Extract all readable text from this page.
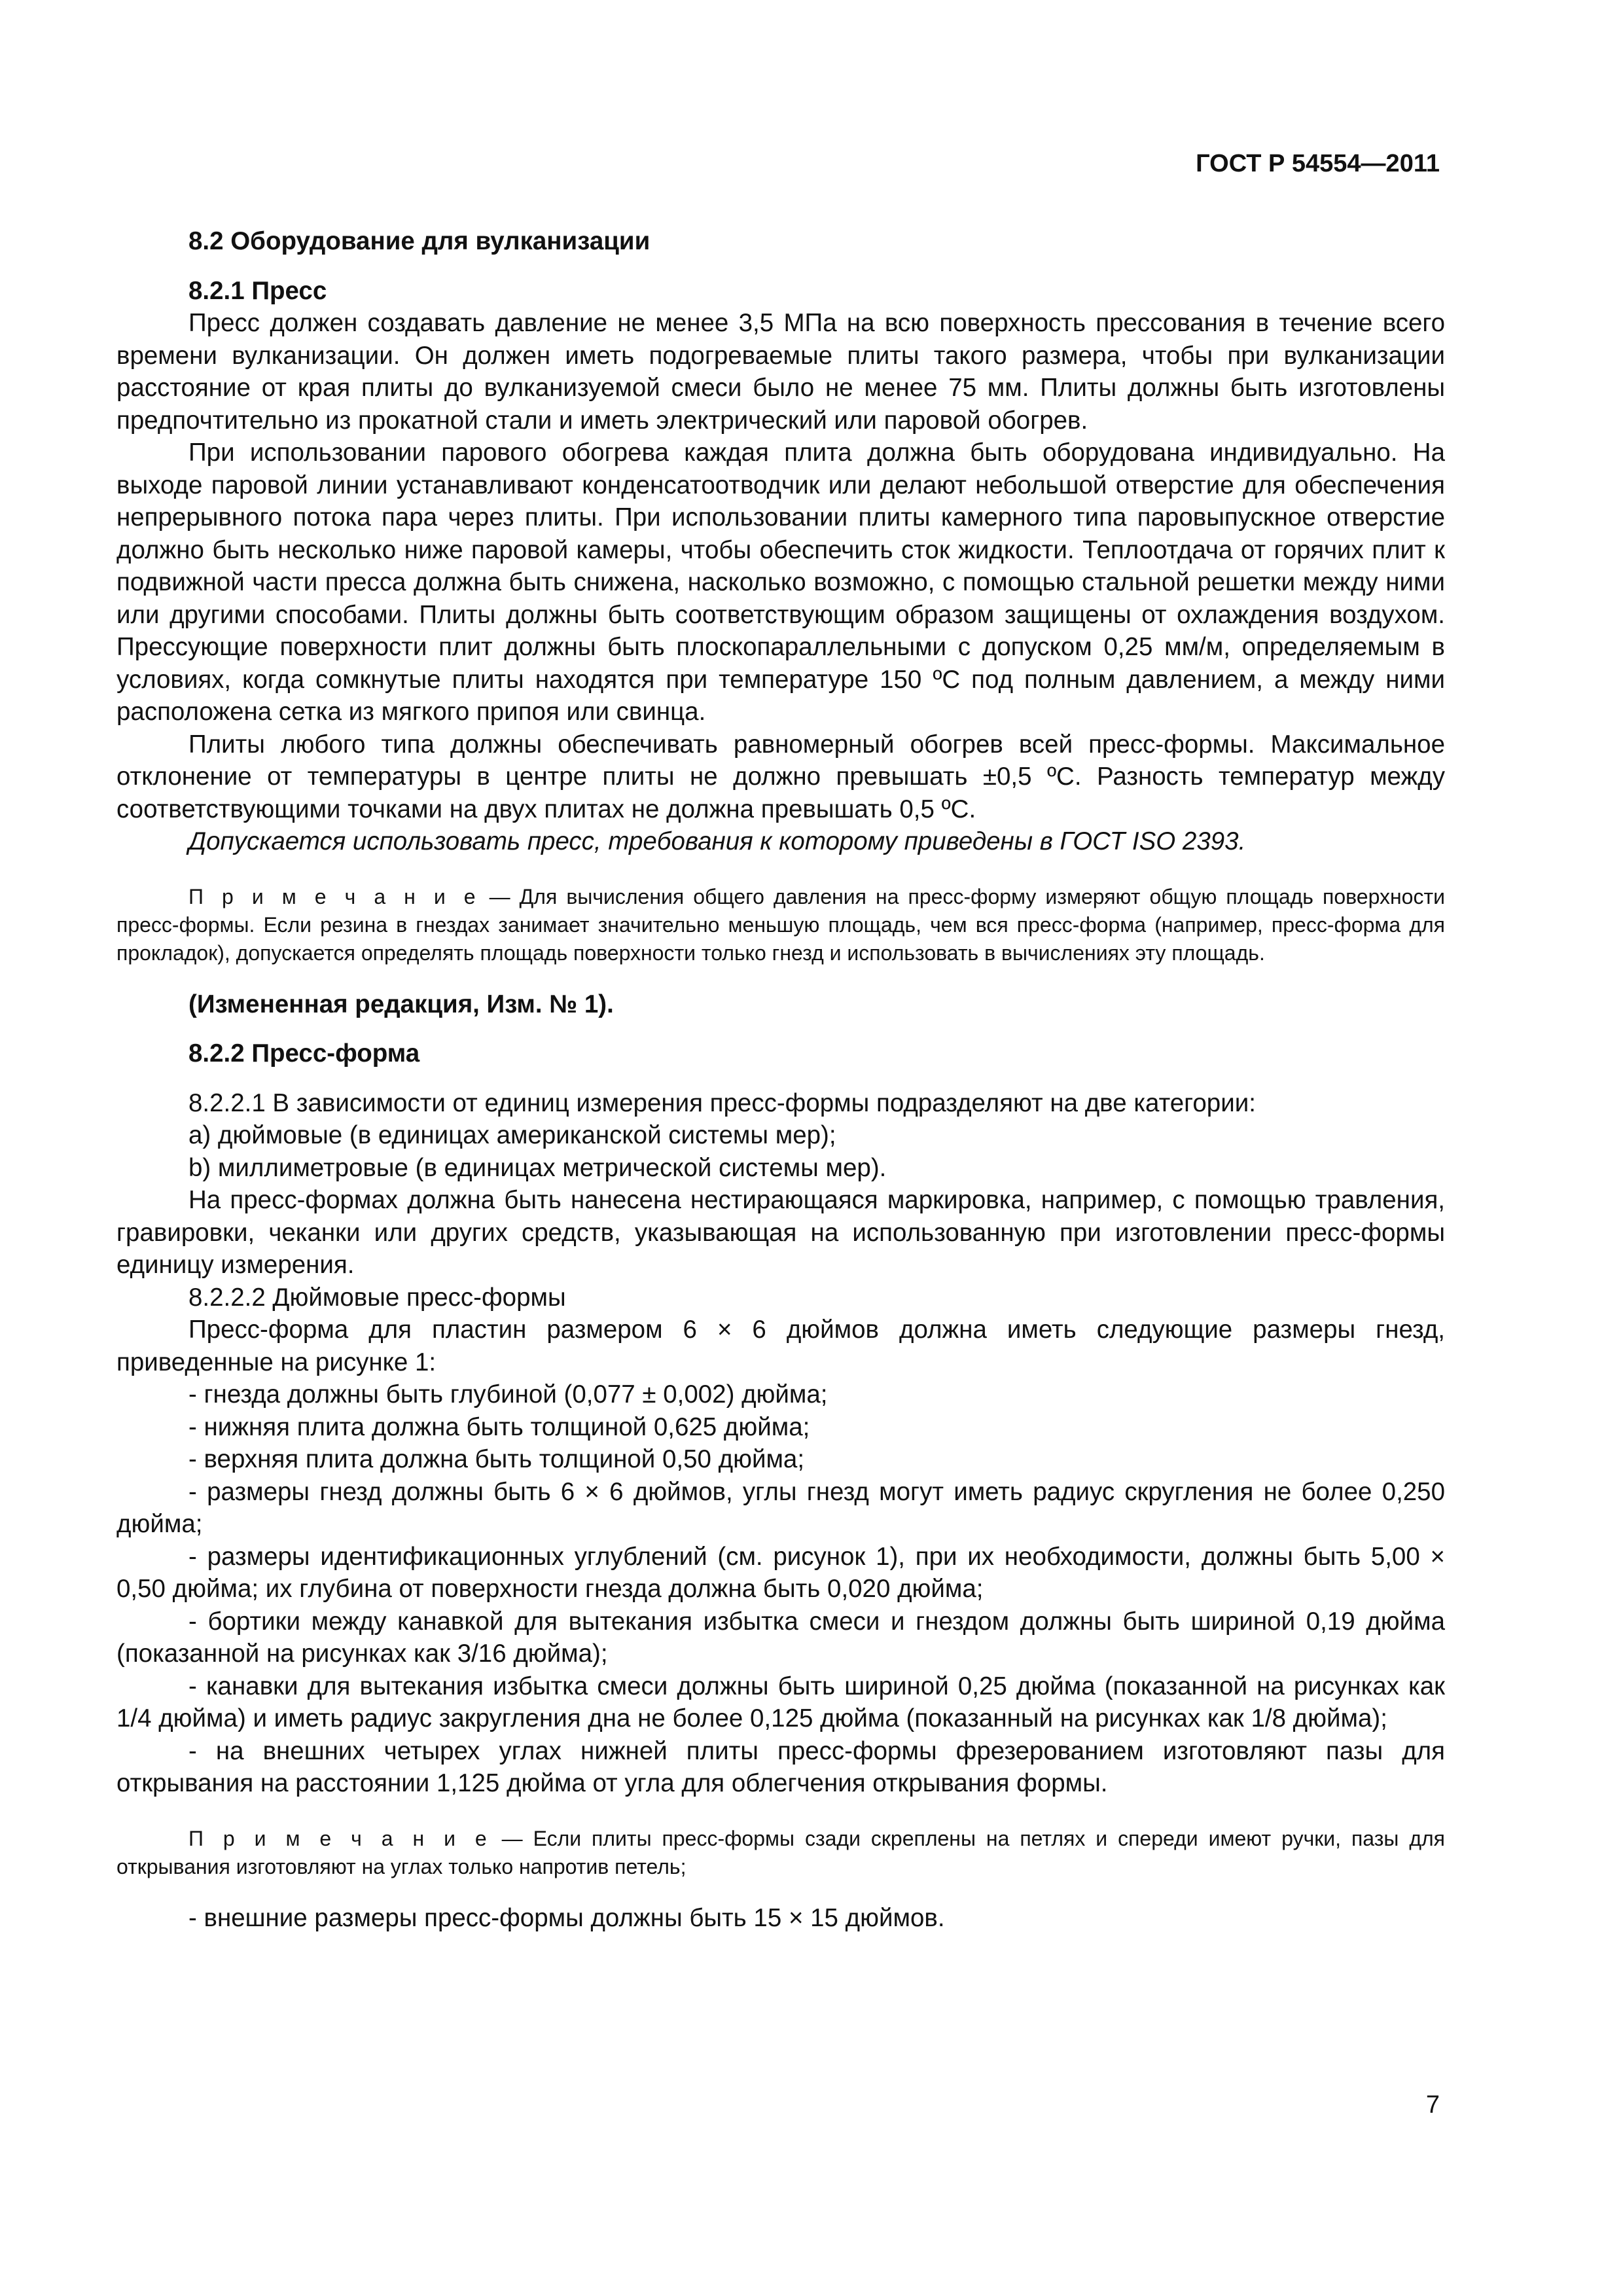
ГОСТ Р 54554—2011

8.2 Оборудование для вулканизации

8.2.1 Пресс

Пресс должен создавать давление не менее 3,5 МПа на всю поверхность прессования в течение всего времени вулканизации. Он должен иметь подогреваемые плиты такого размера, чтобы при вулканизации расстояние от края плиты до вулканизуемой смеси было не менее 75 мм. Плиты должны быть изготовлены предпочтительно из прокатной стали и иметь электрический или паровой обогрев.

При использовании парового обогрева каждая плита должна быть оборудована индивидуально. На выходе паровой линии устанавливают конденсатоотводчик или делают небольшой отверстие для обеспечения непрерывного потока пара через плиты. При использовании плиты камерного типа паровыпускное отверстие должно быть несколько ниже паровой камеры, чтобы обеспечить сток жидкости. Теплоотдача от горячих плит к подвижной части пресса должна быть снижена, насколько возможно, с помощью стальной решетки между ними или другими способами. Плиты должны быть соответствующим образом защищены от охлаждения воздухом. Прессующие поверхности плит должны быть плоскопараллельными с допуском 0,25 мм/м, определяемым в условиях, когда сомкнутые плиты находятся при температуре 150 ºС под полным давлением, а между ними расположена сетка из мягкого припоя или свинца.

Плиты любого типа должны обеспечивать равномерный обогрев всей пресс-формы. Максимальное отклонение от температуры в центре плиты не должно превышать ±0,5 ºС. Разность температур между соответствующими точками на двух плитах не должна превышать 0,5 ºС.

Допускается использовать пресс, требования к которому приведены в ГОСТ ISO 2393.

П р и м е ч а н и е — Для вычисления общего давления на пресс-форму измеряют общую площадь поверхности пресс-формы. Если резина в гнездах занимает значительно меньшую площадь, чем вся пресс-форма (например, пресс-форма для прокладок), допускается определять площадь поверхности только гнезд и использовать в вычислениях эту площадь.

(Измененная редакция, Изм. № 1).

8.2.2 Пресс-форма

8.2.2.1 В зависимости от единиц измерения пресс-формы подразделяют на две категории:

a) дюймовые (в единицах американской системы мер);

b) миллиметровые (в единицах метрической системы мер).

На пресс-формах должна быть нанесена нестирающаяся маркировка, например, с помощью травления, гравировки, чеканки или других средств, указывающая на использованную при изготовлении пресс-формы единицу измерения.

8.2.2.2 Дюймовые пресс-формы

Пресс-форма для пластин размером 6 × 6 дюймов должна иметь следующие размеры гнезд, приведенные на рисунке 1:

- гнезда должны быть глубиной (0,077 ± 0,002) дюйма;

- нижняя плита должна быть толщиной 0,625 дюйма;

- верхняя плита должна быть толщиной 0,50 дюйма;

- размеры гнезд должны быть 6 × 6 дюймов, углы гнезд могут иметь радиус скругления не более 0,250 дюйма;

- размеры идентификационных углублений (см. рисунок 1), при их необходимости, должны быть 5,00 × 0,50 дюйма; их глубина от поверхности гнезда должна быть 0,020 дюйма;

- бортики между канавкой для вытекания избытка смеси и гнездом должны быть шириной 0,19 дюйма (показанной на рисунках как 3/16 дюйма);

- канавки для вытекания избытка смеси должны быть шириной 0,25 дюйма (показанной на рисунках как 1/4 дюйма) и иметь радиус закругления дна не более 0,125 дюйма (показанный на рисунках как 1/8 дюйма);

- на внешних четырех углах нижней плиты пресс-формы фрезерованием изготовляют пазы для открывания на расстоянии 1,125 дюйма от угла для облегчения открывания формы.

П р и м е ч а н и е — Если плиты пресс-формы сзади скреплены на петлях и спереди имеют ручки, пазы для открывания изготовляют на углах только напротив петель;

- внешние размеры пресс-формы должны быть 15 × 15 дюймов.

7
